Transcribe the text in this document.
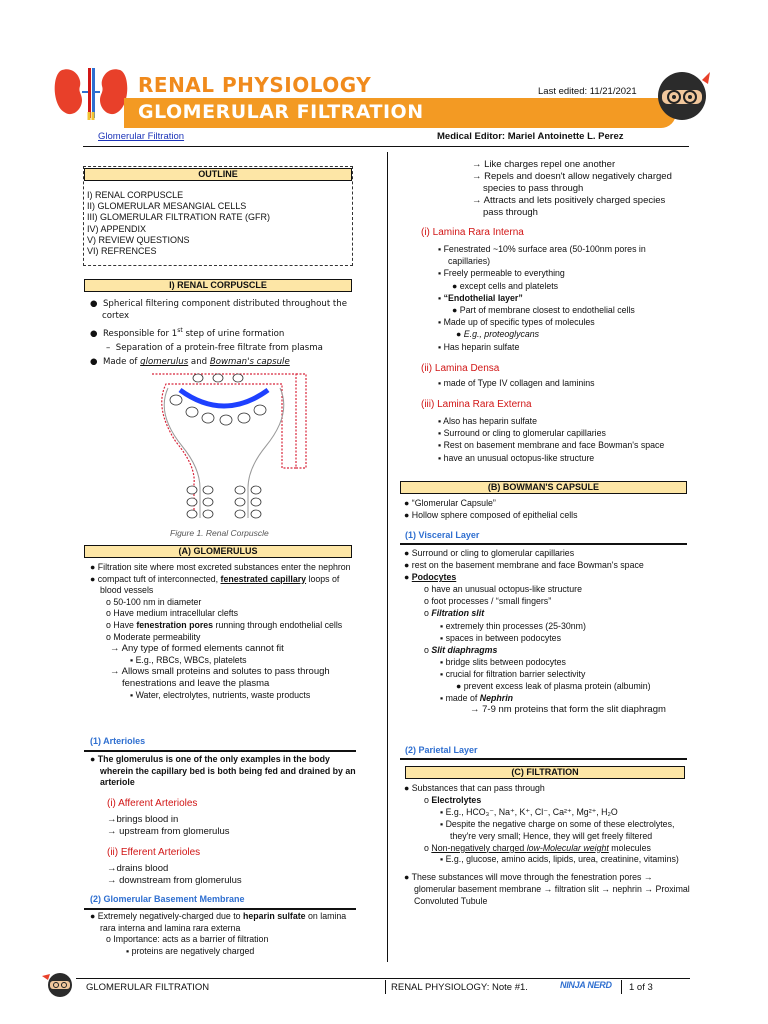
RENAL PHYSIOLOGY
GLOMERULAR FILTRATION
Last edited: 11/21/2021
Glomerular Filtration	Medical Editor: Mariel Antoinette L. Perez
OUTLINE
I) RENAL CORPUSCLE
II) GLOMERULAR MESANGIAL CELLS
III) GLOMERULAR FILTRATION RATE (GFR)
IV) APPENDIX
V) REVIEW QUESTIONS
VI) REFRENCES
I) RENAL CORPUSCLE
●  Spherical filtering component distributed throughout the cortex
●  Responsible for 1st step of urine formation
–  Separation of a protein-free filtrate from plasma
●  Made of glomerulus and Bowman's capsule
Figure 1. Renal Corpuscle
(A) GLOMERULUS
● Filtration site where most excreted substances enter the nephron
● compact tuft of interconnected, fenestrated capillary loops of blood vessels
o 50-100 nm in diameter
o Have medium intracellular clefts
o Have fenestration pores running through endothelial cells
o Moderate permeability
→ Any type of formed elements cannot fit
▪ E.g., RBCs, WBCs, platelets
→ Allows small proteins and solutes to pass through fenestrations and leave the plasma
▪ Water, electrolytes, nutrients, waste products
(1) Arterioles
● The glomerulus is one of the only examples in the body wherein the capillary bed is both being fed and drained by an arteriole
(i) Afferent Arterioles
→brings blood in
→ upstream from glomerulus
(ii) Efferent Arterioles
→drains blood
→ downstream from glomerulus
(2) Glomerular Basement Membrane
● Extremely negatively-charged due to heparin sulfate on lamina rara interna and lamina rara externa
o Importance: acts as a barrier of filtration
▪ proteins are negatively charged
→ Like charges repel one another
→ Repels and doesn't allow negatively charged species to pass through
→ Attracts and lets positively charged species pass through
(i) Lamina Rara Interna
▪ Fenestrated ~10% surface area (50-100nm pores in capillaries)
▪ Freely permeable to everything
● except cells and platelets
▪ “Endothelial layer”
● Part of membrane closest to endothelial cells
▪ Made up of specific types of molecules
● E.g., proteoglycans
▪ Has heparin sulfate
(ii) Lamina Densa
▪ made of Type IV collagen and laminins
(iii) Lamina Rara Externa
▪ Also has heparin sulfate
▪ Surround or cling to glomerular capillaries
▪ Rest on basement membrane and face Bowman's space
▪ have an unusual octopus-like structure
(B) BOWMAN'S CAPSULE
● “Glomerular Capsule”
● Hollow sphere composed of epithelial cells
(1) Visceral Layer
● Surround or cling to glomerular capillaries
● rest on the basement membrane and face Bowman's space
● Podocytes
o have an unusual octopus-like structure
o foot processes / “small fingers”
o Filtration slit
▪ extremely thin processes (25-30nm)
▪ spaces in between podocytes
o Slit diaphragms
▪ bridge slits between podocytes
▪ crucial for filtration barrier selectivity
● prevent excess leak of plasma protein (albumin)
▪ made of Nephrin
→ 7-9 nm proteins that form the slit diaphragm
(2) Parietal Layer
(C) FILTRATION
● Substances that can pass through
o Electrolytes
▪ E.g., HCO₃⁻, Na⁺, K⁺, Cl⁻, Ca²⁺, Mg²⁺, H₂O
▪ Despite the negative charge on some of these electrolytes, they're very small; Hence, they will get freely filtered
o Non-negatively charged low-Molecular weight molecules
▪ E.g., glucose, amino acids, lipids, urea, creatinine, vitamins)
● These substances will move through the fenestration pores → glomerular basement membrane → filtration slit → nephrin → Proximal Convoluted Tubule
GLOMERULAR FILTRATION	RENAL PHYSIOLOGY: Note #1.	NINJA NERD 1 of 3
